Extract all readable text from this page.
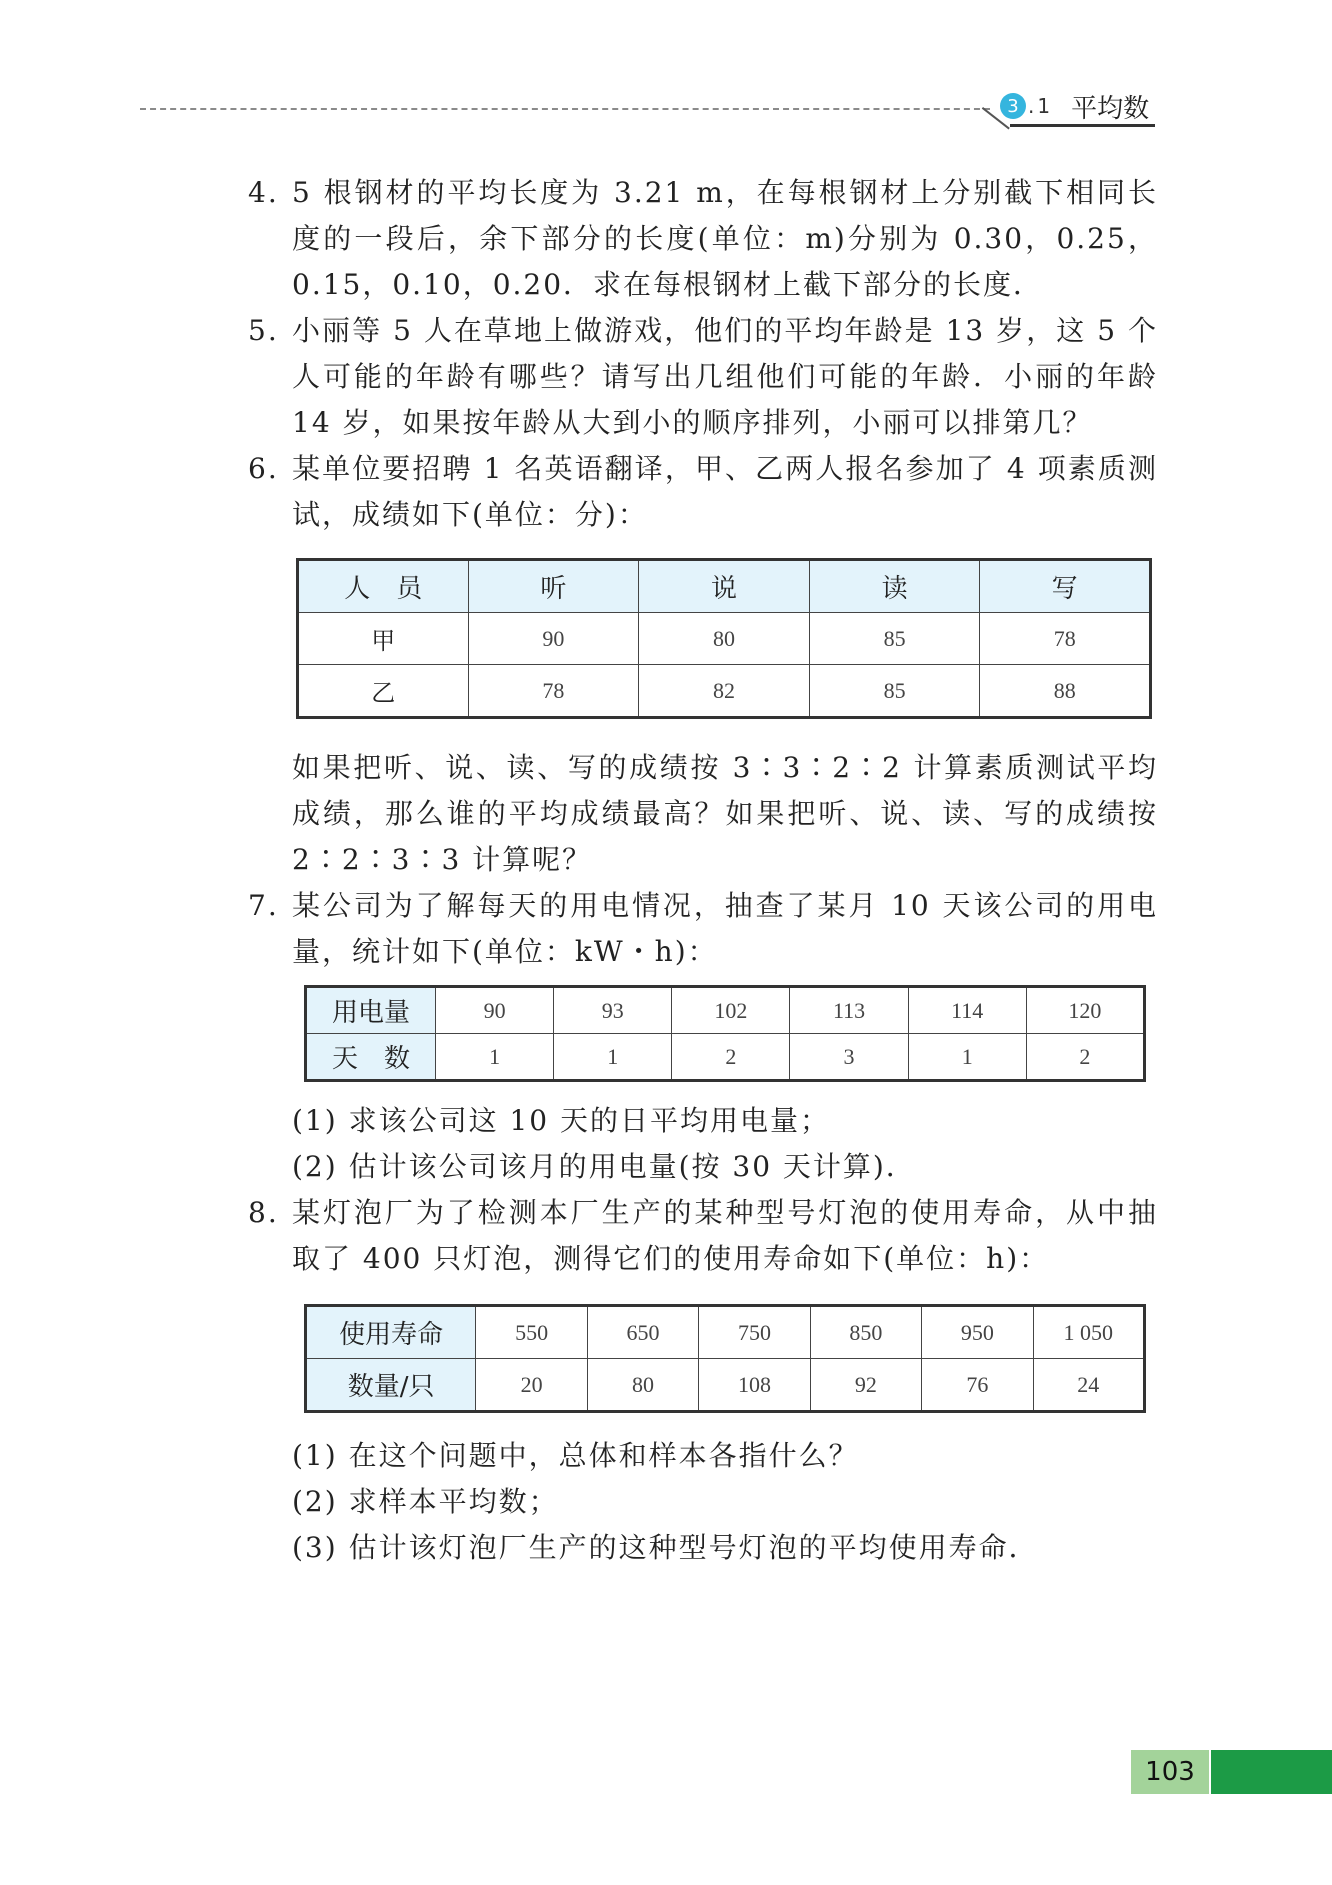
3 .1 平均数
4. 5 根钢材的平均长度为 3.21 m，在每根钢材上分别截下相同长度的一段后，余下部分的长度(单位：m)分别为 0.30，0.25，0.15，0.10，0.20．求在每根钢材上截下部分的长度．
5. 小丽等 5 人在草地上做游戏，他们的平均年龄是 13 岁，这 5 个人可能的年龄有哪些？请写出几组他们可能的年龄．小丽的年龄 14 岁，如果按年龄从大到小的顺序排列，小丽可以排第几？
6. 某单位要招聘 1 名英语翻译，甲、乙两人报名参加了 4 项素质测试，成绩如下(单位：分)：
人　员	听	说	读	写
甲	90	80	85	78
乙	78	82	85	88
如果把听、说、读、写的成绩按 3∶3∶2∶2 计算素质测试平均成绩，那么谁的平均成绩最高？如果把听、说、读、写的成绩按 2∶2∶3∶3 计算呢？
7. 某公司为了解每天的用电情况，抽查了某月 10 天该公司的用电量，统计如下(单位：kW・h)：
用电量	90	93	102	113	114	120
天　数	1	1	2	3	1	2
(1) 求该公司这 10 天的日平均用电量；
(2) 估计该公司该月的用电量(按 30 天计算)．
8. 某灯泡厂为了检测本厂生产的某种型号灯泡的使用寿命，从中抽取了 400 只灯泡，测得它们的使用寿命如下(单位：h)：
使用寿命	550	650	750	850	950	1 050
数量/只	20	80	108	92	76	24
(1) 在这个问题中，总体和样本各指什么？
(2) 求样本平均数；
(3) 估计该灯泡厂生产的这种型号灯泡的平均使用寿命．
103
